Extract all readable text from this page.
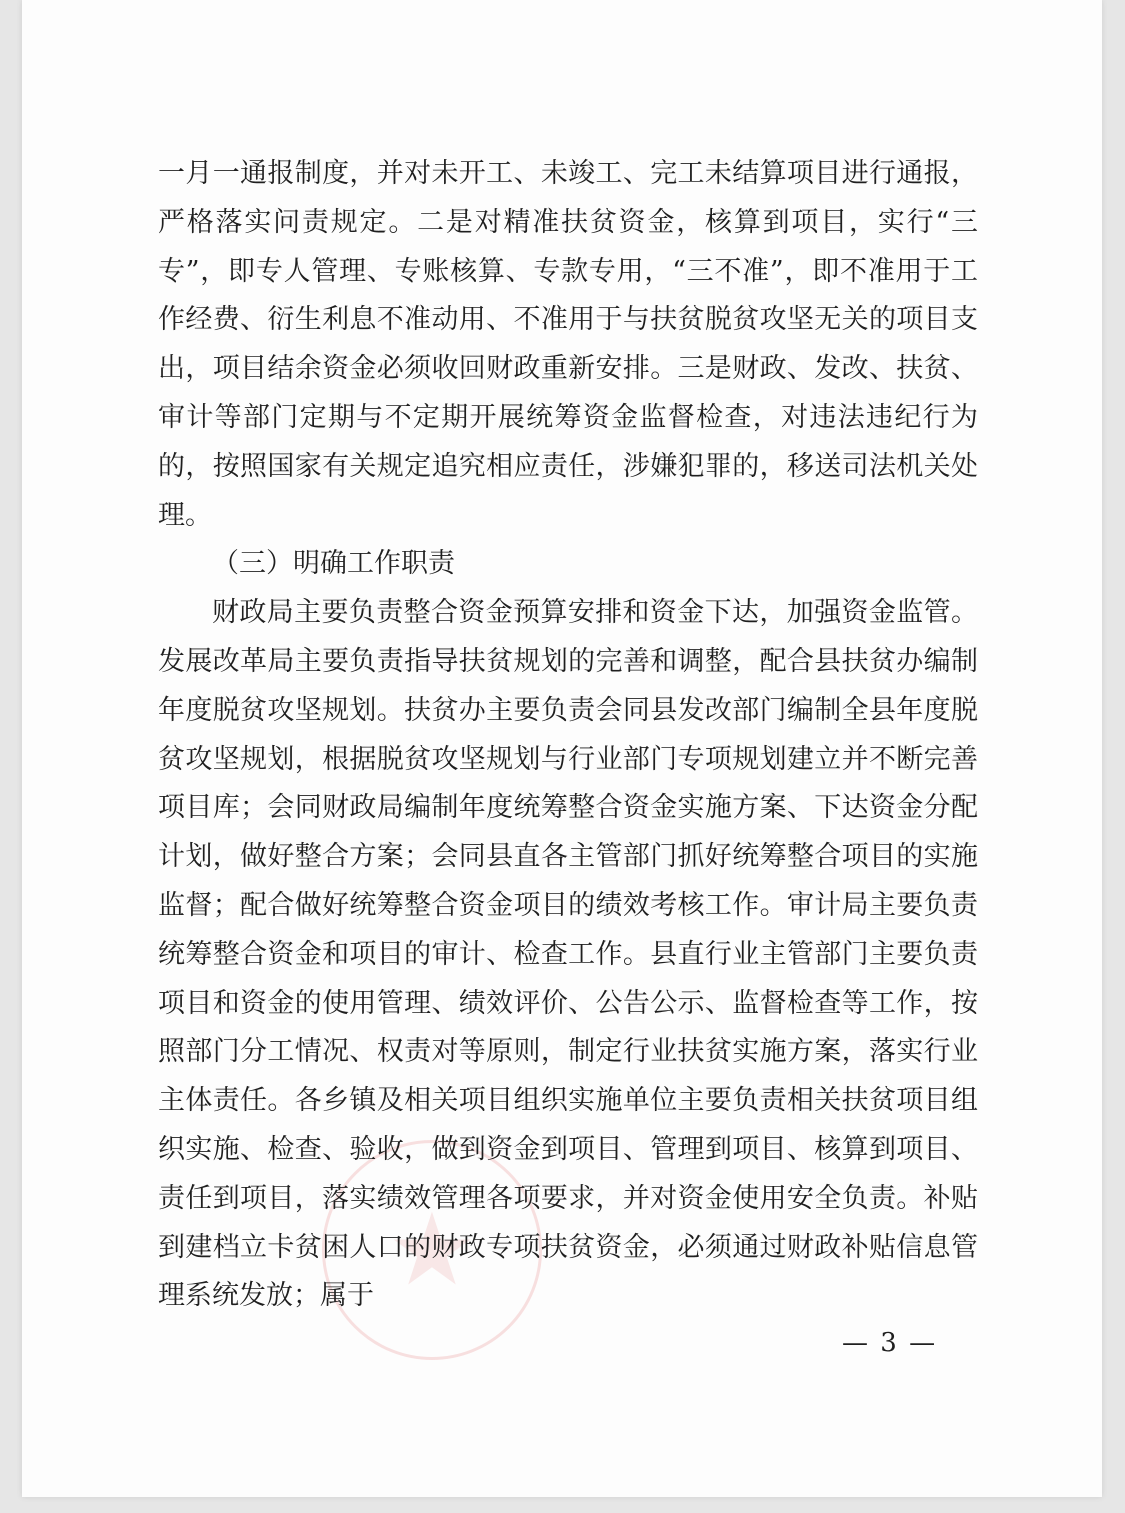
★

一月一通报制度，并对未开工、未竣工、完工未结算项目进行通报，严格落实问责规定。二是对精准扶贫资金，核算到项目，实行“三专”，即专人管理、专账核算、专款专用，“三不准”，即不准用于工作经费、衍生利息不准动用、不准用于与扶贫脱贫攻坚无关的项目支出，项目结余资金必须收回财政重新安排。三是财政、发改、扶贫、审计等部门定期与不定期开展统筹资金监督检查，对违法违纪行为的，按照国家有关规定追究相应责任，涉嫌犯罪的，移送司法机关处理。

（三）明确工作职责

财政局主要负责整合资金预算安排和资金下达，加强资金监管。发展改革局主要负责指导扶贫规划的完善和调整，配合县扶贫办编制年度脱贫攻坚规划。扶贫办主要负责会同县发改部门编制全县年度脱贫攻坚规划，根据脱贫攻坚规划与行业部门专项规划建立并不断完善项目库；会同财政局编制年度统筹整合资金实施方案、下达资金分配计划，做好整合方案；会同县直各主管部门抓好统筹整合项目的实施监督；配合做好统筹整合资金项目的绩效考核工作。审计局主要负责统筹整合资金和项目的审计、检查工作。县直行业主管部门主要负责项目和资金的使用管理、绩效评价、公告公示、监督检查等工作，按照部门分工情况、权责对等原则，制定行业扶贫实施方案，落实行业主体责任。各乡镇及相关项目组织实施单位主要负责相关扶贫项目组织实施、检查、验收，做到资金到项目、管理到项目、核算到项目、责任到项目，落实绩效管理各项要求，并对资金使用安全负责。补贴到建档立卡贫困人口的财政专项扶贫资金，必须通过财政补贴信息管理系统发放；属于

— 3 —
